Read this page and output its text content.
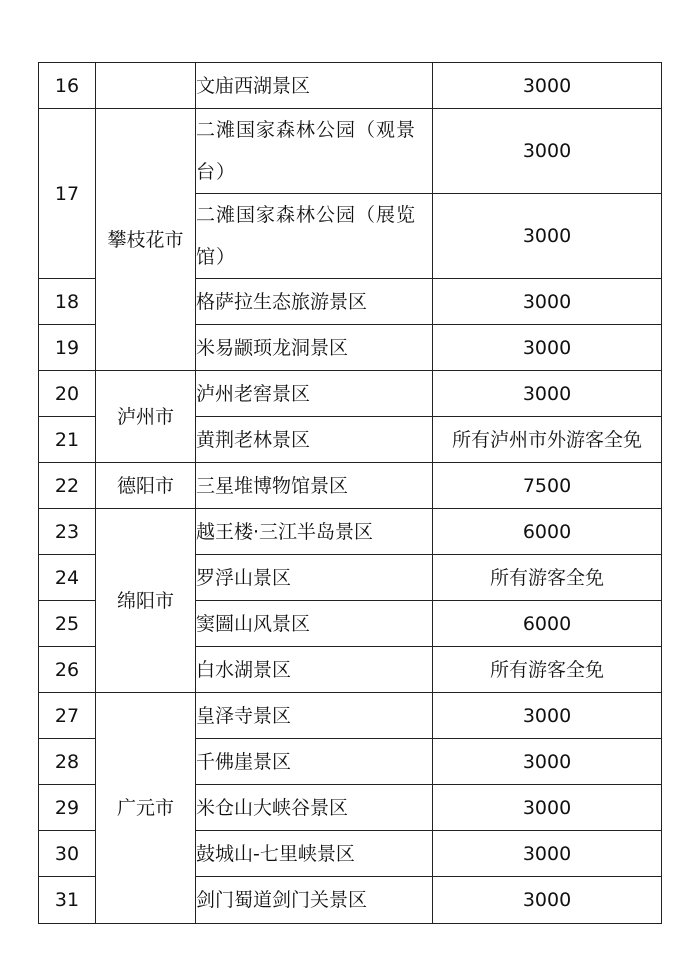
16		文庙西湖景区	3000
17	攀枝花市	二滩国家森林公园（观景台）	3000
		二滩国家森林公园（展览馆）	3000
18		格萨拉生态旅游景区	3000
19		米易颛顼龙洞景区	3000
20	泸州市	泸州老窖景区	3000
21		黄荆老林景区	所有泸州市外游客全免
22	德阳市	三星堆博物馆景区	7500
23	绵阳市	越王楼·三江半岛景区	6000
24		罗浮山景区	所有游客全免
25		窦圌山风景区	6000
26		白水湖景区	所有游客全免
27	广元市	皇泽寺景区	3000
28		千佛崖景区	3000
29		米仓山大峡谷景区	3000
30		鼓城山-七里峡景区	3000
31		剑门蜀道剑门关景区	3000
